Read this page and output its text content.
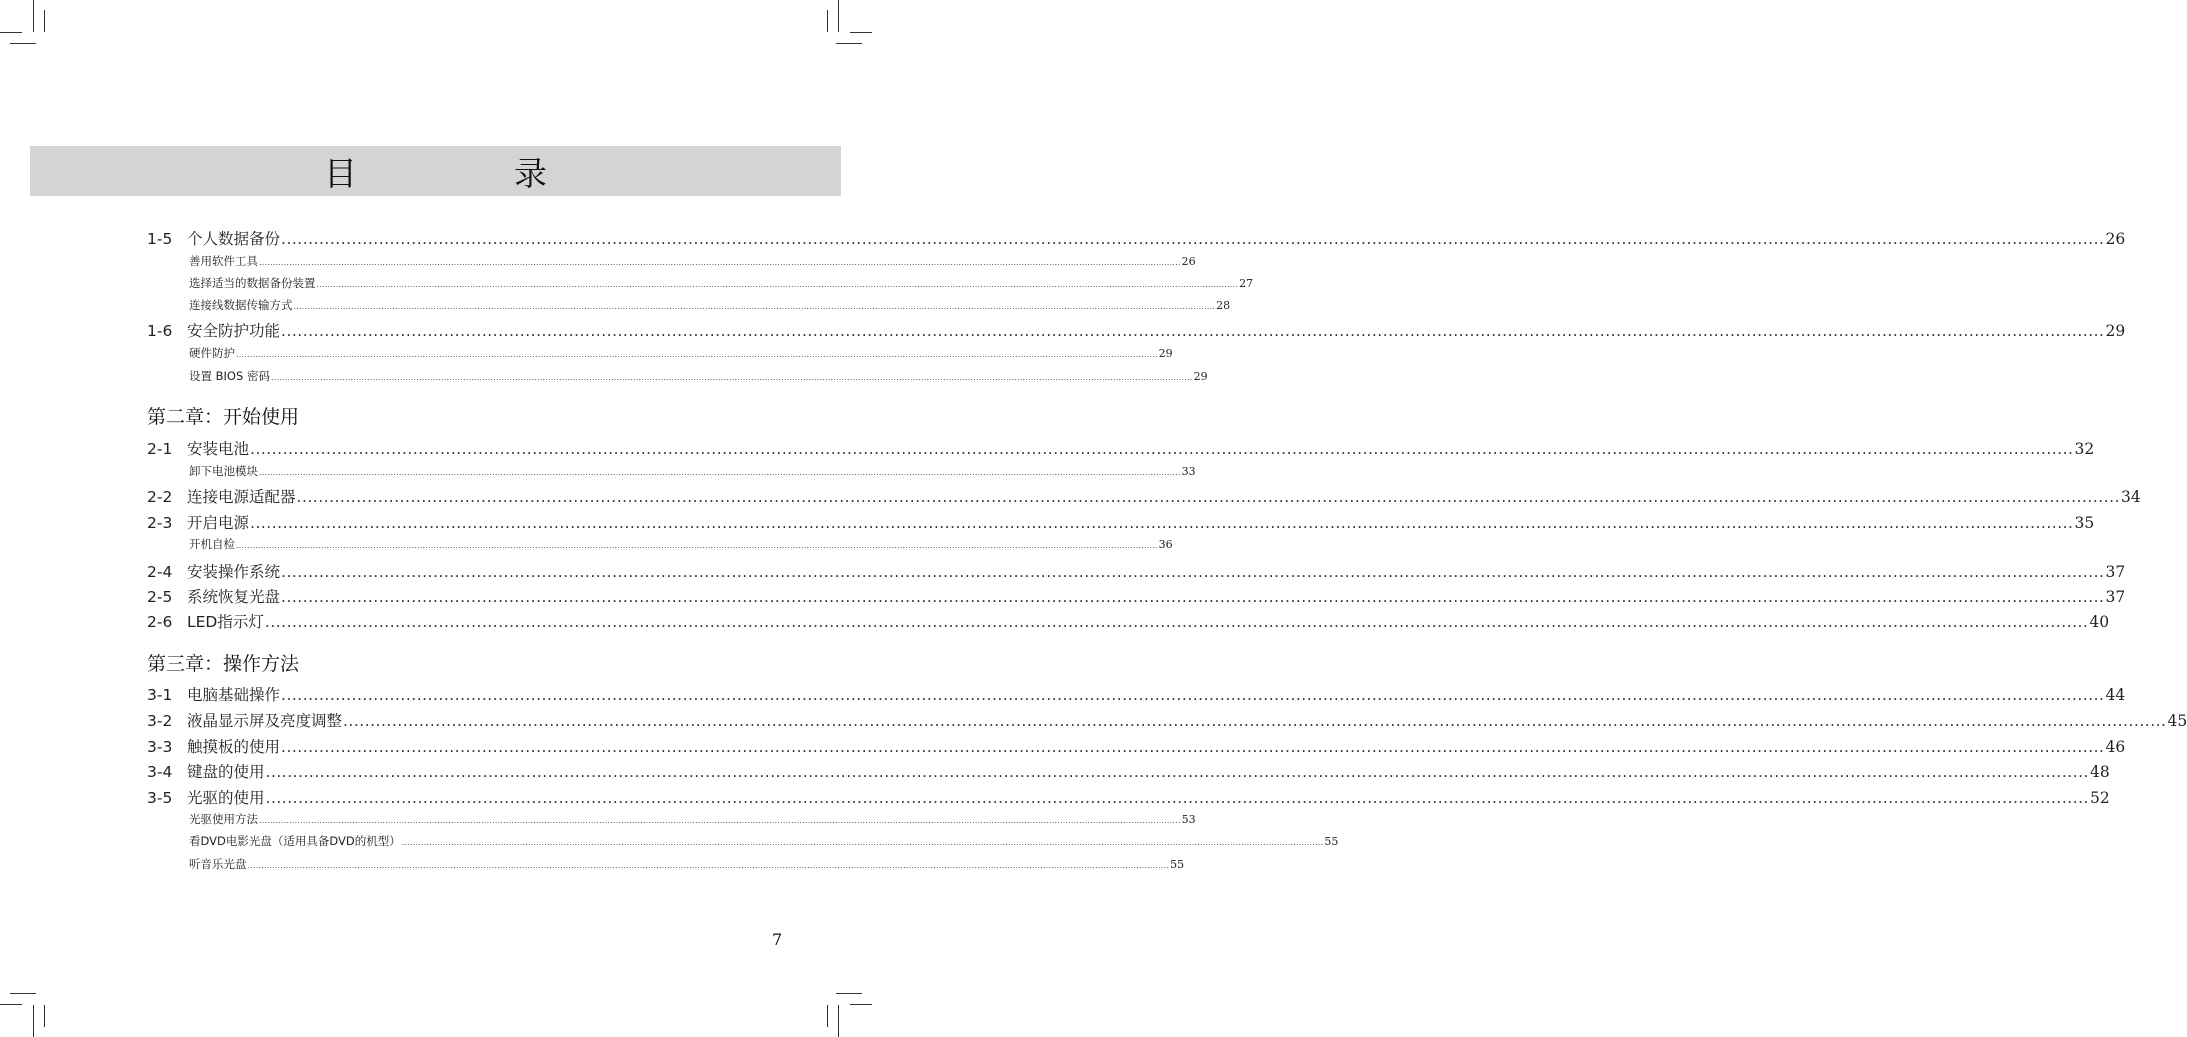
目　录
1-5 个人数据备份 ................................................................................................................................................................................................................................................................................................................................................ 26
善用软件工具 ................................................................................................................................................................................................................................................................................................................................................ 26
选择适当的数据备份装置 ................................................................................................................................................................................................................................................................................................................................................ 27
连接线数据传输方式 ................................................................................................................................................................................................................................................................................................................................................ 28
1-6 安全防护功能 ................................................................................................................................................................................................................................................................................................................................................ 29
硬件防护 ................................................................................................................................................................................................................................................................................................................................................ 29
设置 BIOS 密码 ................................................................................................................................................................................................................................................................................................................................................ 29
第二章：开始使用
2-1 安装电池 ................................................................................................................................................................................................................................................................................................................................................ 32
卸下电池模块 ................................................................................................................................................................................................................................................................................................................................................ 33
2-2 连接电源适配器 ................................................................................................................................................................................................................................................................................................................................................ 34
2-3 开启电源 ................................................................................................................................................................................................................................................................................................................................................ 35
开机自检 ................................................................................................................................................................................................................................................................................................................................................ 36
2-4 安装操作系统 ................................................................................................................................................................................................................................................................................................................................................ 37
2-5 系统恢复光盘 ................................................................................................................................................................................................................................................................................................................................................ 37
2-6 LED指示灯 ................................................................................................................................................................................................................................................................................................................................................ 40
第三章：操作方法
3-1 电脑基础操作 ................................................................................................................................................................................................................................................................................................................................................ 44
3-2 液晶显示屏及亮度调整 ................................................................................................................................................................................................................................................................................................................................................ 45
3-3 触摸板的使用 ................................................................................................................................................................................................................................................................................................................................................ 46
3-4 键盘的使用 ................................................................................................................................................................................................................................................................................................................................................ 48
3-5 光驱的使用 ................................................................................................................................................................................................................................................................................................................................................ 52
光驱使用方法 ................................................................................................................................................................................................................................................................................................................................................ 53
看DVD电影光盘（适用具备DVD的机型） ................................................................................................................................................................................................................................................................................................................................................ 55
听音乐光盘 ................................................................................................................................................................................................................................................................................................................................................ 55
7
